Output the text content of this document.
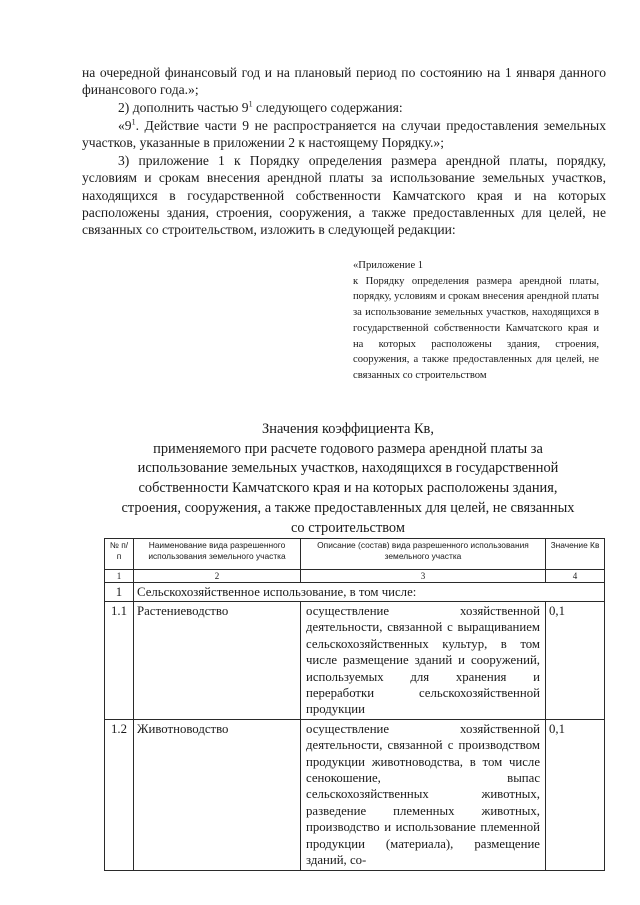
на очередной финансовый год и на плановый период по состоянию на 1 января данного финансового года.»;

2) дополнить частью $9^1$ следующего содержания:

«$9^1$. Действие части 9 не распространяется на случаи предоставления земельных участков, указанные в приложении 2 к настоящему Порядку.»;

3) приложение 1 к Порядку определения размера арендной платы, порядку, условиям и срокам внесения арендной платы за использование земельных участков, находящихся в государственной собственности Камчатского края и на которых расположены здания, строения, сооружения, а также предоставленных для целей, не связанных со строительством, изложить в следующей редакции:

«Приложение 1
к Порядку определения размера арендной платы, порядку, условиям и срокам внесения арендной платы за использование земельных участков, находящихся в государственной собственности Камчатского края и на которых расположены здания, строения, сооружения, а также предоставленных для целей, не связанных со строительством
Значения коэффициента Кв,
применяемого при расчете годового размера арендной платы за использование земельных участков, находящихся в государственной собственности Камчатского края и на которых расположены здания, строения, сооружения, а также предоставленных для целей, не связанных со строительством
№ п/п	Наименование вида разрешенного использования земельного участка	Описание (состав) вида разрешенного использования земельного участка	Значение Кв
1	2	3	4
1	Сельскохозяйственное использование, в том числе:		
1.1	Растениеводство	осуществление хозяйственной деятельности, связанной с выращиванием сельскохозяйственных культур, в том числе размещение зданий и сооружений, используемых для хранения и переработки сельскохозяйственной продукции	0,1
1.2	Животноводство	осуществление хозяйственной деятельности, связанной с производством продукции животноводства, в том числе сенокошение, выпас сельскохозяйственных животных, разведение племенных животных, производство и использование племенной продукции (материала), размещение зданий, со-	0,1
